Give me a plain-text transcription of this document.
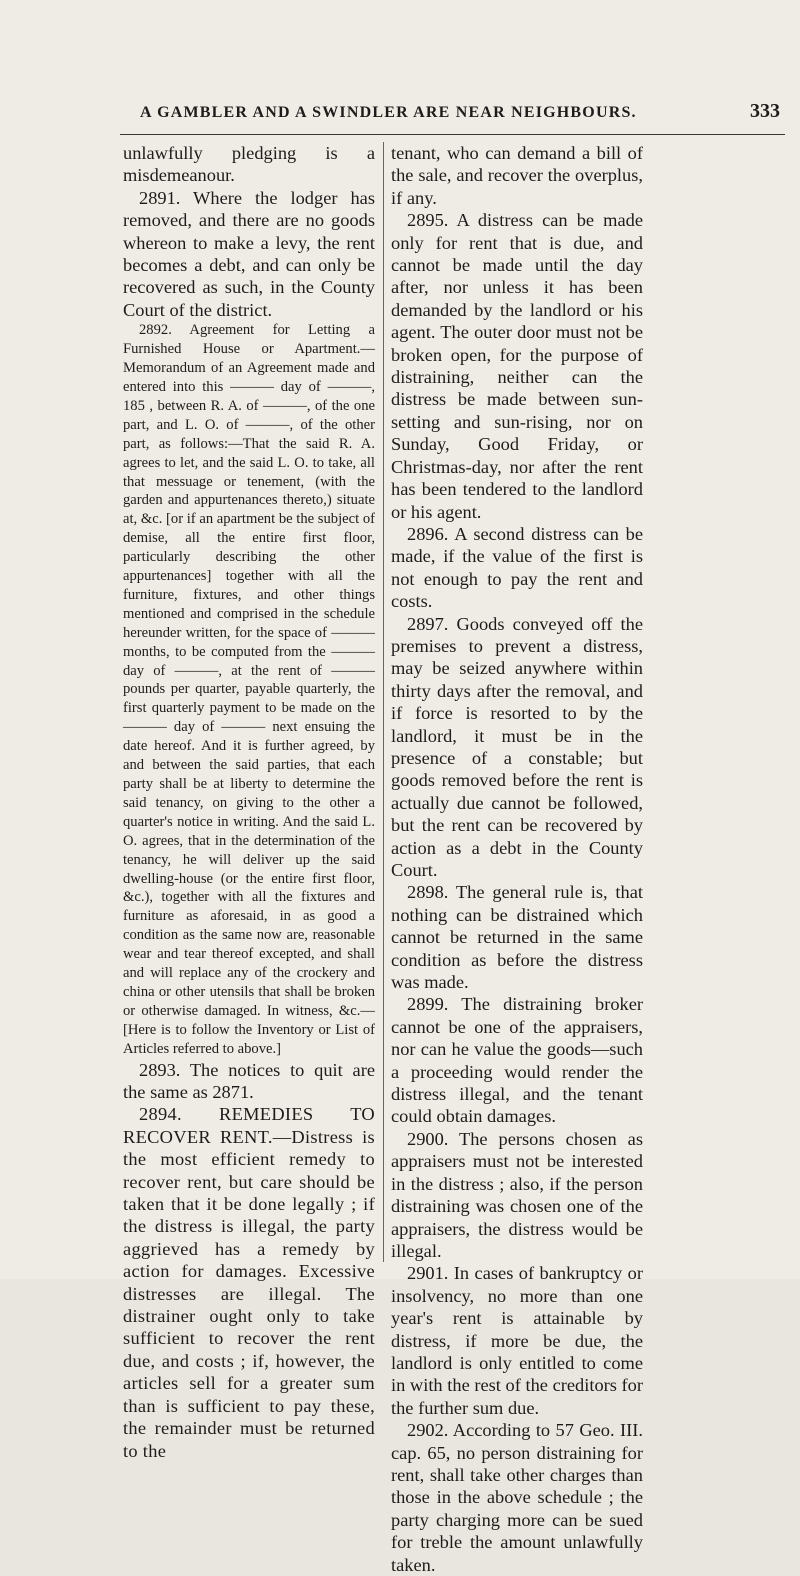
A GAMBLER AND A SWINDLER ARE NEAR NEIGHBOURS.	333

unlawfully pledging is a misdemeanour.

2891. Where the lodger has removed, and there are no goods whereon to make a levy, the rent becomes a debt, and can only be recovered as such, in the County Court of the district.

2892. Agreement for Letting a Furnished House or Apartment.—Memorandum of an Agreement made and entered into this ——— day of ———, 185 , between R. A. of ———, of the one part, and L. O. of ———, of the other part, as follows:—That the said R. A. agrees to let, and the said L. O. to take, all that messuage or tenement, (with the garden and appurtenances thereto,) situate at, &c. [or if an apartment be the subject of demise, all the entire first floor, particularly describing the other appurtenances] together with all the furniture, fixtures, and other things mentioned and comprised in the schedule hereunder written, for the space of ——— months, to be computed from the ——— day of ———, at the rent of ——— pounds per quarter, payable quarterly, the first quarterly payment to be made on the ——— day of ——— next ensuing the date hereof. And it is further agreed, by and between the said parties, that each party shall be at liberty to determine the said tenancy, on giving to the other a quarter's notice in writing. And the said L. O. agrees, that in the determination of the tenancy, he will deliver up the said dwelling-house (or the entire first floor, &c.), together with all the fixtures and furniture as aforesaid, in as good a condition as the same now are, reasonable wear and tear thereof excepted, and shall and will replace any of the crockery and china or other utensils that shall be broken or otherwise damaged. In witness, &c.—[Here is to follow the Inventory or List of Articles referred to above.]

2893. The notices to quit are the same as 2871.

2894. REMEDIES TO RECOVER RENT.—Distress is the most efficient remedy to recover rent, but care should be taken that it be done legally ; if the distress is illegal, the party aggrieved has a remedy by action for damages. Excessive distresses are illegal. The distrainer ought only to take sufficient to recover the rent due, and costs ; if, however, the articles sell for a greater sum than is sufficient to pay these, the remainder must be returned to the

tenant, who can demand a bill of the sale, and recover the overplus, if any.

2895. A distress can be made only for rent that is due, and cannot be made until the day after, nor unless it has been demanded by the landlord or his agent. The outer door must not be broken open, for the purpose of distraining, neither can the distress be made between sun-setting and sun-rising, nor on Sunday, Good Friday, or Christmas-day, nor after the rent has been tendered to the landlord or his agent.

2896. A second distress can be made, if the value of the first is not enough to pay the rent and costs.

2897. Goods conveyed off the premises to prevent a distress, may be seized anywhere within thirty days after the removal, and if force is resorted to by the landlord, it must be in the presence of a constable; but goods removed before the rent is actually due cannot be followed, but the rent can be recovered by action as a debt in the County Court.

2898. The general rule is, that nothing can be distrained which cannot be returned in the same condition as before the distress was made.

2899. The distraining broker cannot be one of the appraisers, nor can he value the goods—such a proceeding would render the distress illegal, and the tenant could obtain damages.

2900. The persons chosen as appraisers must not be interested in the distress ; also, if the person distraining was chosen one of the appraisers, the distress would be illegal.

2901. In cases of bankruptcy or insolvency, no more than one year's rent is attainable by distress, if more be due, the landlord is only entitled to come in with the rest of the creditors for the further sum due.

2902. According to 57 Geo. III. cap. 65, no person distraining for rent, shall take other charges than those in the above schedule ; the party charging more can be sued for treble the amount unlawfully taken.
